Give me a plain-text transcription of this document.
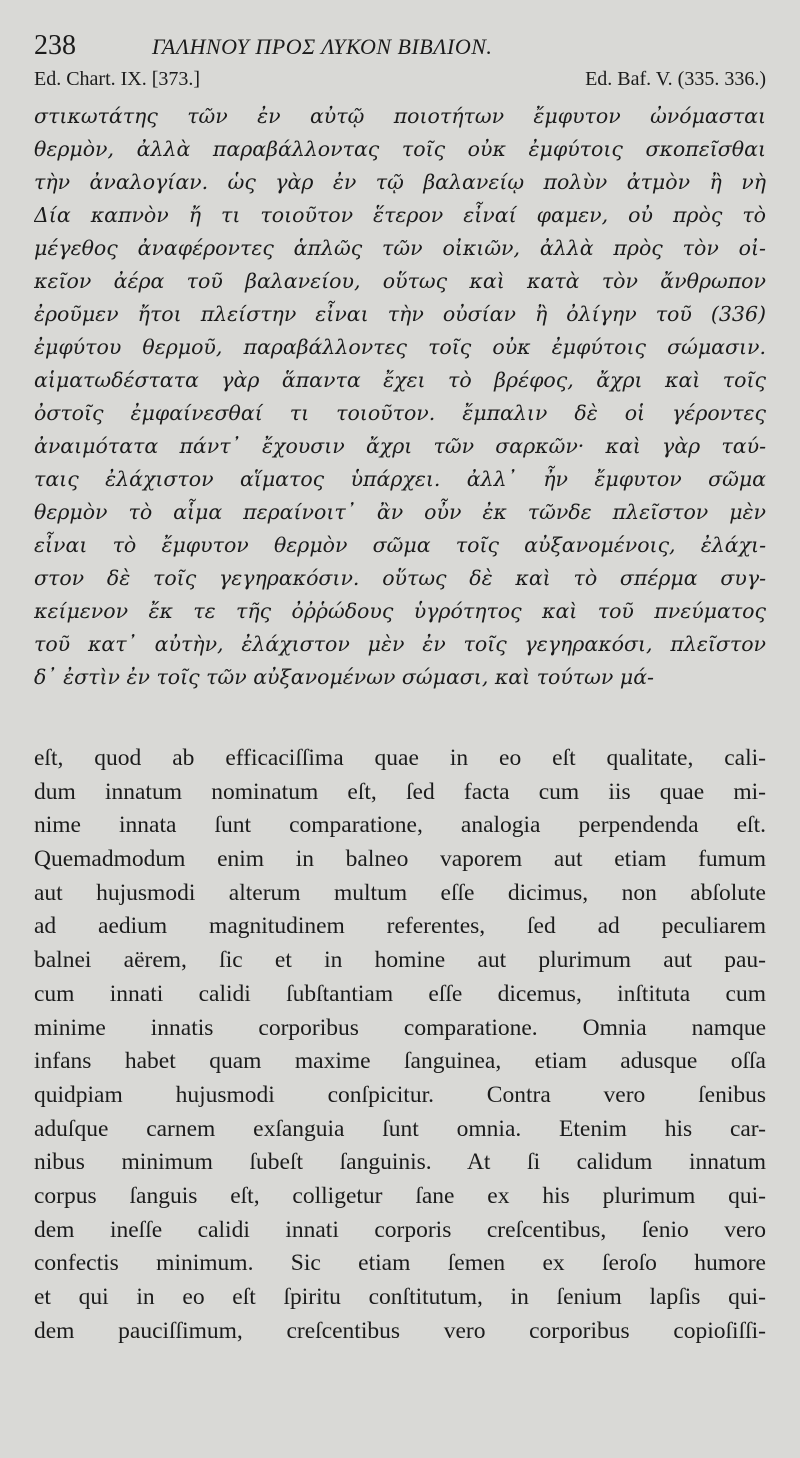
238	ΓΑΛΗΝΟΥ ΠΡΟΣ ΛΥΚΟΝ ΒΙΒΛΙΟΝ.
Ed. Chart. IX. [373.]	Ed. Baf. V. (335. 336.)
στικωτάτης τῶν ἐν αὐτῷ ποιοτήτων ἔμφυτον ὠνόμασται
θερμὸν, ἀλλὰ παραβάλλοντας τοῖς οὐκ ἐμφύτοις σκοπεῖσθαι
τὴν ἀναλογίαν. ὡς γὰρ ἐν τῷ βαλανείῳ πολὺν ἀτμὸν ἢ νὴ
Δία καπνὸν ἤ τι τοιοῦτον ἕτερον εἶναί φαμεν, οὐ πρὸς τὸ
μέγεθος ἀναφέροντες ἁπλῶς τῶν οἰκιῶν, ἀλλὰ πρὸς τὸν οἰ-
κεῖον ἀέρα τοῦ βαλανείου, οὕτως καὶ κατὰ τὸν ἄνθρωπον
ἐροῦμεν ἤτοι πλείστην εἶναι τὴν οὐσίαν ἢ ὀλίγην τοῦ (336)
ἐμφύτου θερμοῦ, παραβάλλοντες τοῖς οὐκ ἐμφύτοις σώμασιν.
αἱματωδέστατα γὰρ ἅπαντα ἔχει τὸ βρέφος, ἄχρι καὶ τοῖς
ὀστοῖς ἐμφαίνεσθαί τι τοιοῦτον. ἔμπαλιν δὲ οἱ γέροντες
ἀναιμότατα πάντ᾽ ἔχουσιν ἄχρι τῶν σαρκῶν· καὶ γὰρ ταύ-
ταις ἐλάχιστον αἵματος ὑπάρχει. ἀλλ᾽ ἦν ἔμφυτον σῶμα
θερμὸν τὸ αἷμα περαίνοιτ᾽ ἂν οὖν ἐκ τῶνδε πλεῖστον μὲν
εἶναι τὸ ἔμφυτον θερμὸν σῶμα τοῖς αὐξανομένοις, ἐλάχι-
στον δὲ τοῖς γεγηρακόσιν. οὕτως δὲ καὶ τὸ σπέρμα συγ-
κείμενον ἔκ τε τῆς ὀῤῥώδους ὑγρότητος καὶ τοῦ πνεύματος
τοῦ κατ᾽ αὐτὴν, ἐλάχιστον μὲν ἐν τοῖς γεγηρακόσι, πλεῖστον
δ᾽ ἐστὶν ἐν τοῖς τῶν αὐξανομένων σώμασι, καὶ τούτων μά-
eſt, quod ab efficaciſſima quae in eo eſt qualitate, cali-
dum innatum nominatum eſt, ſed facta cum iis quae mi-
nime innata ſunt comparatione, analogia perpendenda eſt.
Quemadmodum enim in balneo vaporem aut etiam fumum
aut hujusmodi alterum multum eſſe dicimus, non abſolute
ad aedium magnitudinem referentes, ſed ad peculiarem
balnei aërem, ſic et in homine aut plurimum aut pau-
cum innati calidi ſubſtantiam eſſe dicemus, inſtituta cum
minime innatis corporibus comparatione. Omnia namque
infans habet quam maxime ſanguinea, etiam adusque oſſa
quidpiam hujusmodi conſpicitur. Contra vero ſenibus
aduſque carnem exſanguia ſunt omnia. Etenim his car-
nibus minimum ſubeſt ſanguinis. At ſi calidum innatum
corpus ſanguis eſt, colligetur ſane ex his plurimum qui-
dem ineſſe calidi innati corporis creſcentibus, ſenio vero
confectis minimum. Sic etiam ſemen ex ſeroſo humore
et qui in eo eſt ſpiritu conſtitutum, in ſenium lapſis qui-
dem pauciſſimum, creſcentibus vero corporibus copioſiſſi-
